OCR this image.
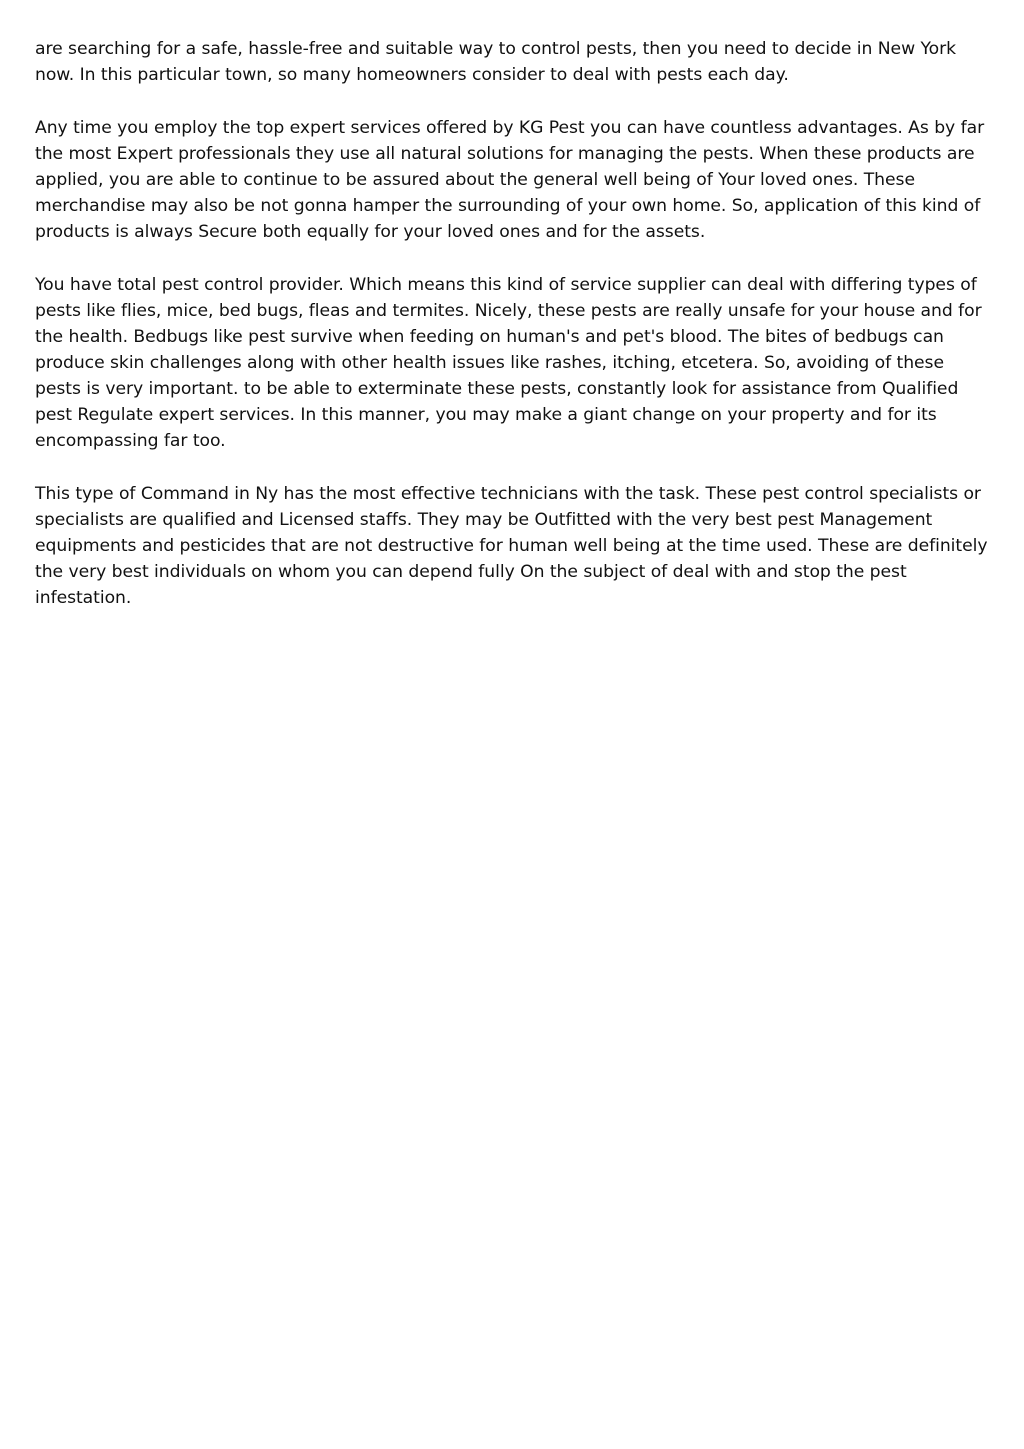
are searching for a safe, hassle-free and suitable way to control pests, then you need to decide in New York now. In this particular town, so many homeowners consider to deal with pests each day.

Any time you employ the top expert services offered by KG Pest you can have countless advantages. As by far the most Expert professionals they use all natural solutions for managing the pests. When these products are applied, you are able to continue to be assured about the general well being of Your loved ones. These merchandise may also be not gonna hamper the surrounding of your own home. So, application of this kind of products is always Secure both equally for your loved ones and for the assets.

You have total pest control provider. Which means this kind of service supplier can deal with differing types of pests like flies, mice, bed bugs, fleas and termites. Nicely, these pests are really unsafe for your house and for the health. Bedbugs like pest survive when feeding on human's and pet's blood. The bites of bedbugs can produce skin challenges along with other health issues like rashes, itching, etcetera. So, avoiding of these pests is very important. to be able to exterminate these pests, constantly look for assistance from Qualified pest Regulate expert services. In this manner, you may make a giant change on your property and for its encompassing far too.

This type of Command in Ny has the most effective technicians with the task. These pest control specialists or specialists are qualified and Licensed staffs. They may be Outfitted with the very best pest Management equipments and pesticides that are not destructive for human well being at the time used. These are definitely the very best individuals on whom you can depend fully On the subject of deal with and stop the pest infestation.
